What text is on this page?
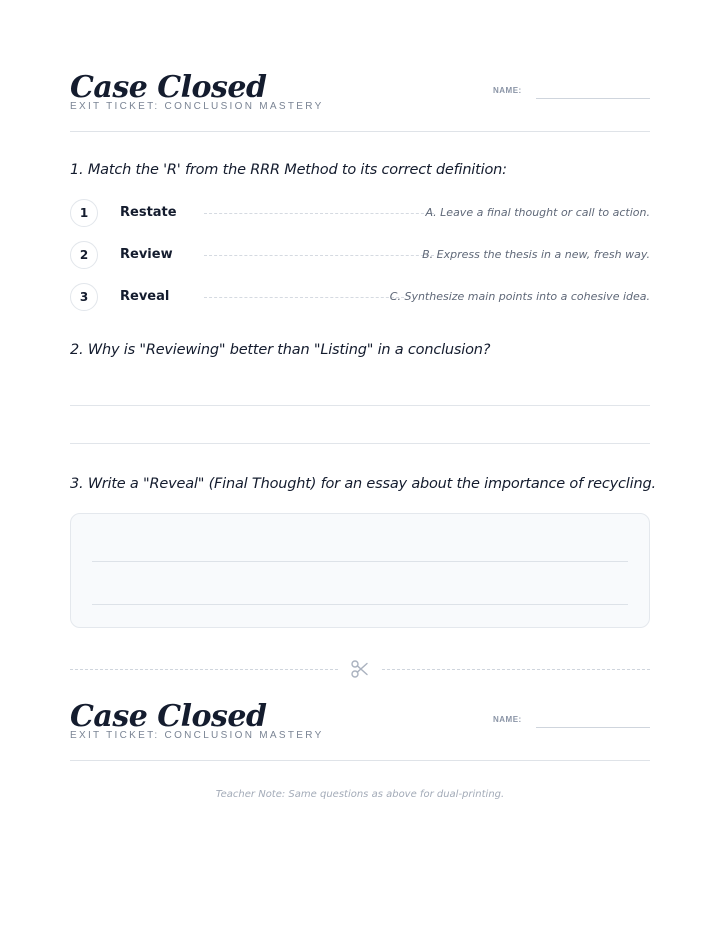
Case Closed
EXIT TICKET: CONCLUSION MASTERY
NAME:
1. Match the 'R' from the RRR Method to its correct definition:
1	Restate	A. Leave a final thought or call to action.
2	Review	B. Express the thesis in a new, fresh way.
3	Reveal	C. Synthesize main points into a cohesive idea.
2. Why is "Reviewing" better than "Listing" in a conclusion?
3. Write a "Reveal" (Final Thought) for an essay about the importance of recycling.
Case Closed
EXIT TICKET: CONCLUSION MASTERY
NAME:
Teacher Note: Same questions as above for dual-printing.
